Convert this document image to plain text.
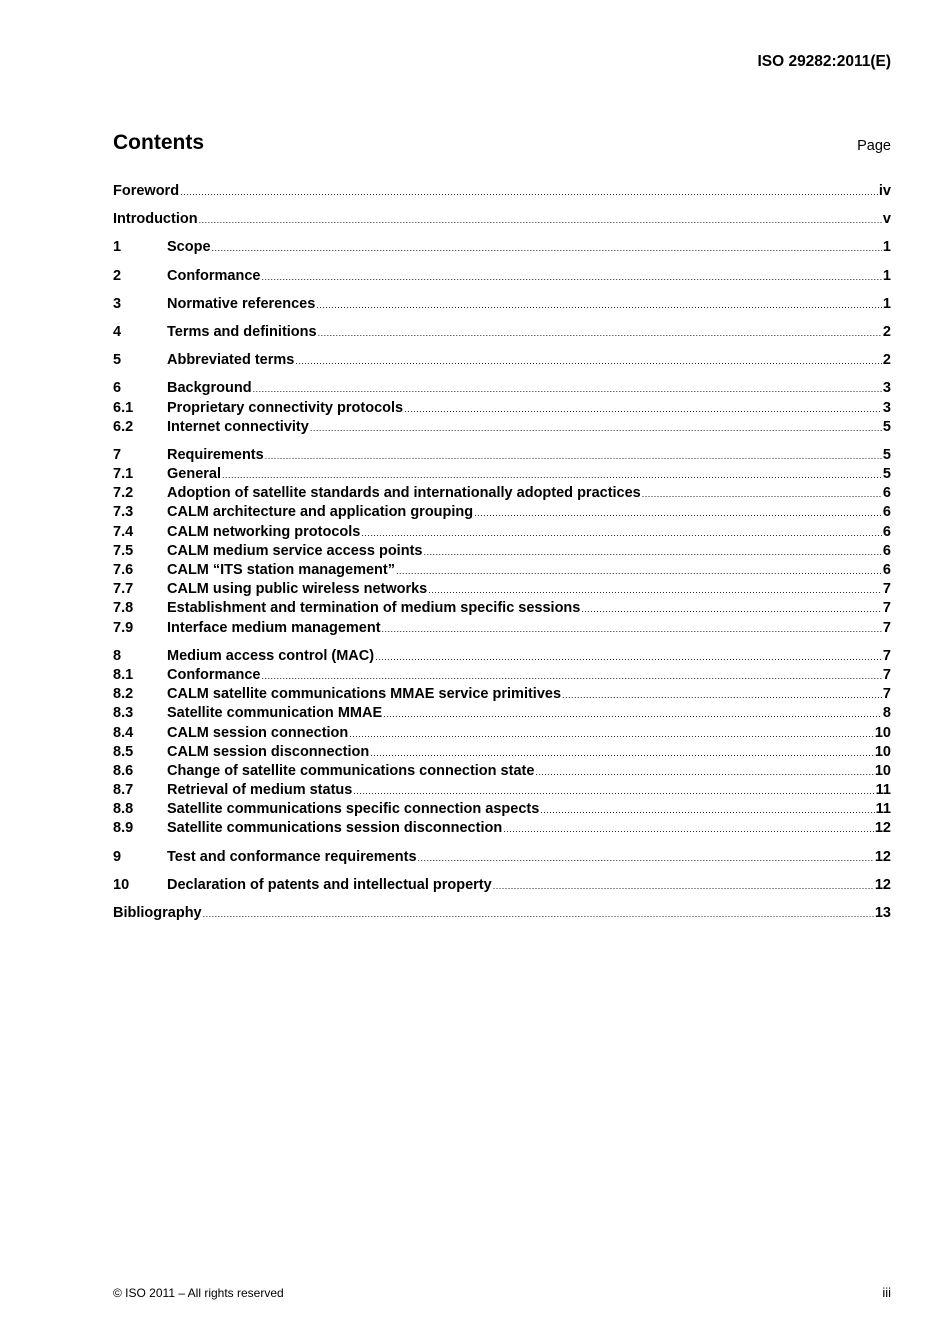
ISO 29282:2011(E)
Contents	Page
Foreword .....	iv
Introduction .....	v
1	Scope .....	1
2	Conformance .....	1
3	Normative references .....	1
4	Terms and definitions .....	2
5	Abbreviated terms .....	2
6	Background .....	3
6.1	Proprietary connectivity protocols .....	3
6.2	Internet connectivity .....	5
7	Requirements .....	5
7.1	General .....	5
7.2	Adoption of satellite standards and internationally adopted practices .....	6
7.3	CALM architecture and application grouping .....	6
7.4	CALM networking protocols .....	6
7.5	CALM medium service access points .....	6
7.6	CALM “ITS station management” .....	6
7.7	CALM using public wireless networks .....	7
7.8	Establishment and termination of medium specific sessions .....	7
7.9	Interface medium management .....	7
8	Medium access control (MAC) .....	7
8.1	Conformance .....	7
8.2	CALM satellite communications MMAE service primitives .....	7
8.3	Satellite communication MMAE .....	8
8.4	CALM session connection .....	10
8.5	CALM session disconnection .....	10
8.6	Change of satellite communications connection state .....	10
8.7	Retrieval of medium status .....	11
8.8	Satellite communications specific connection aspects .....	11
8.9	Satellite communications session disconnection .....	12
9	Test and conformance requirements .....	12
10	Declaration of patents and intellectual property .....	12
Bibliography .....	13
© ISO 2011 – All rights reserved	iii
